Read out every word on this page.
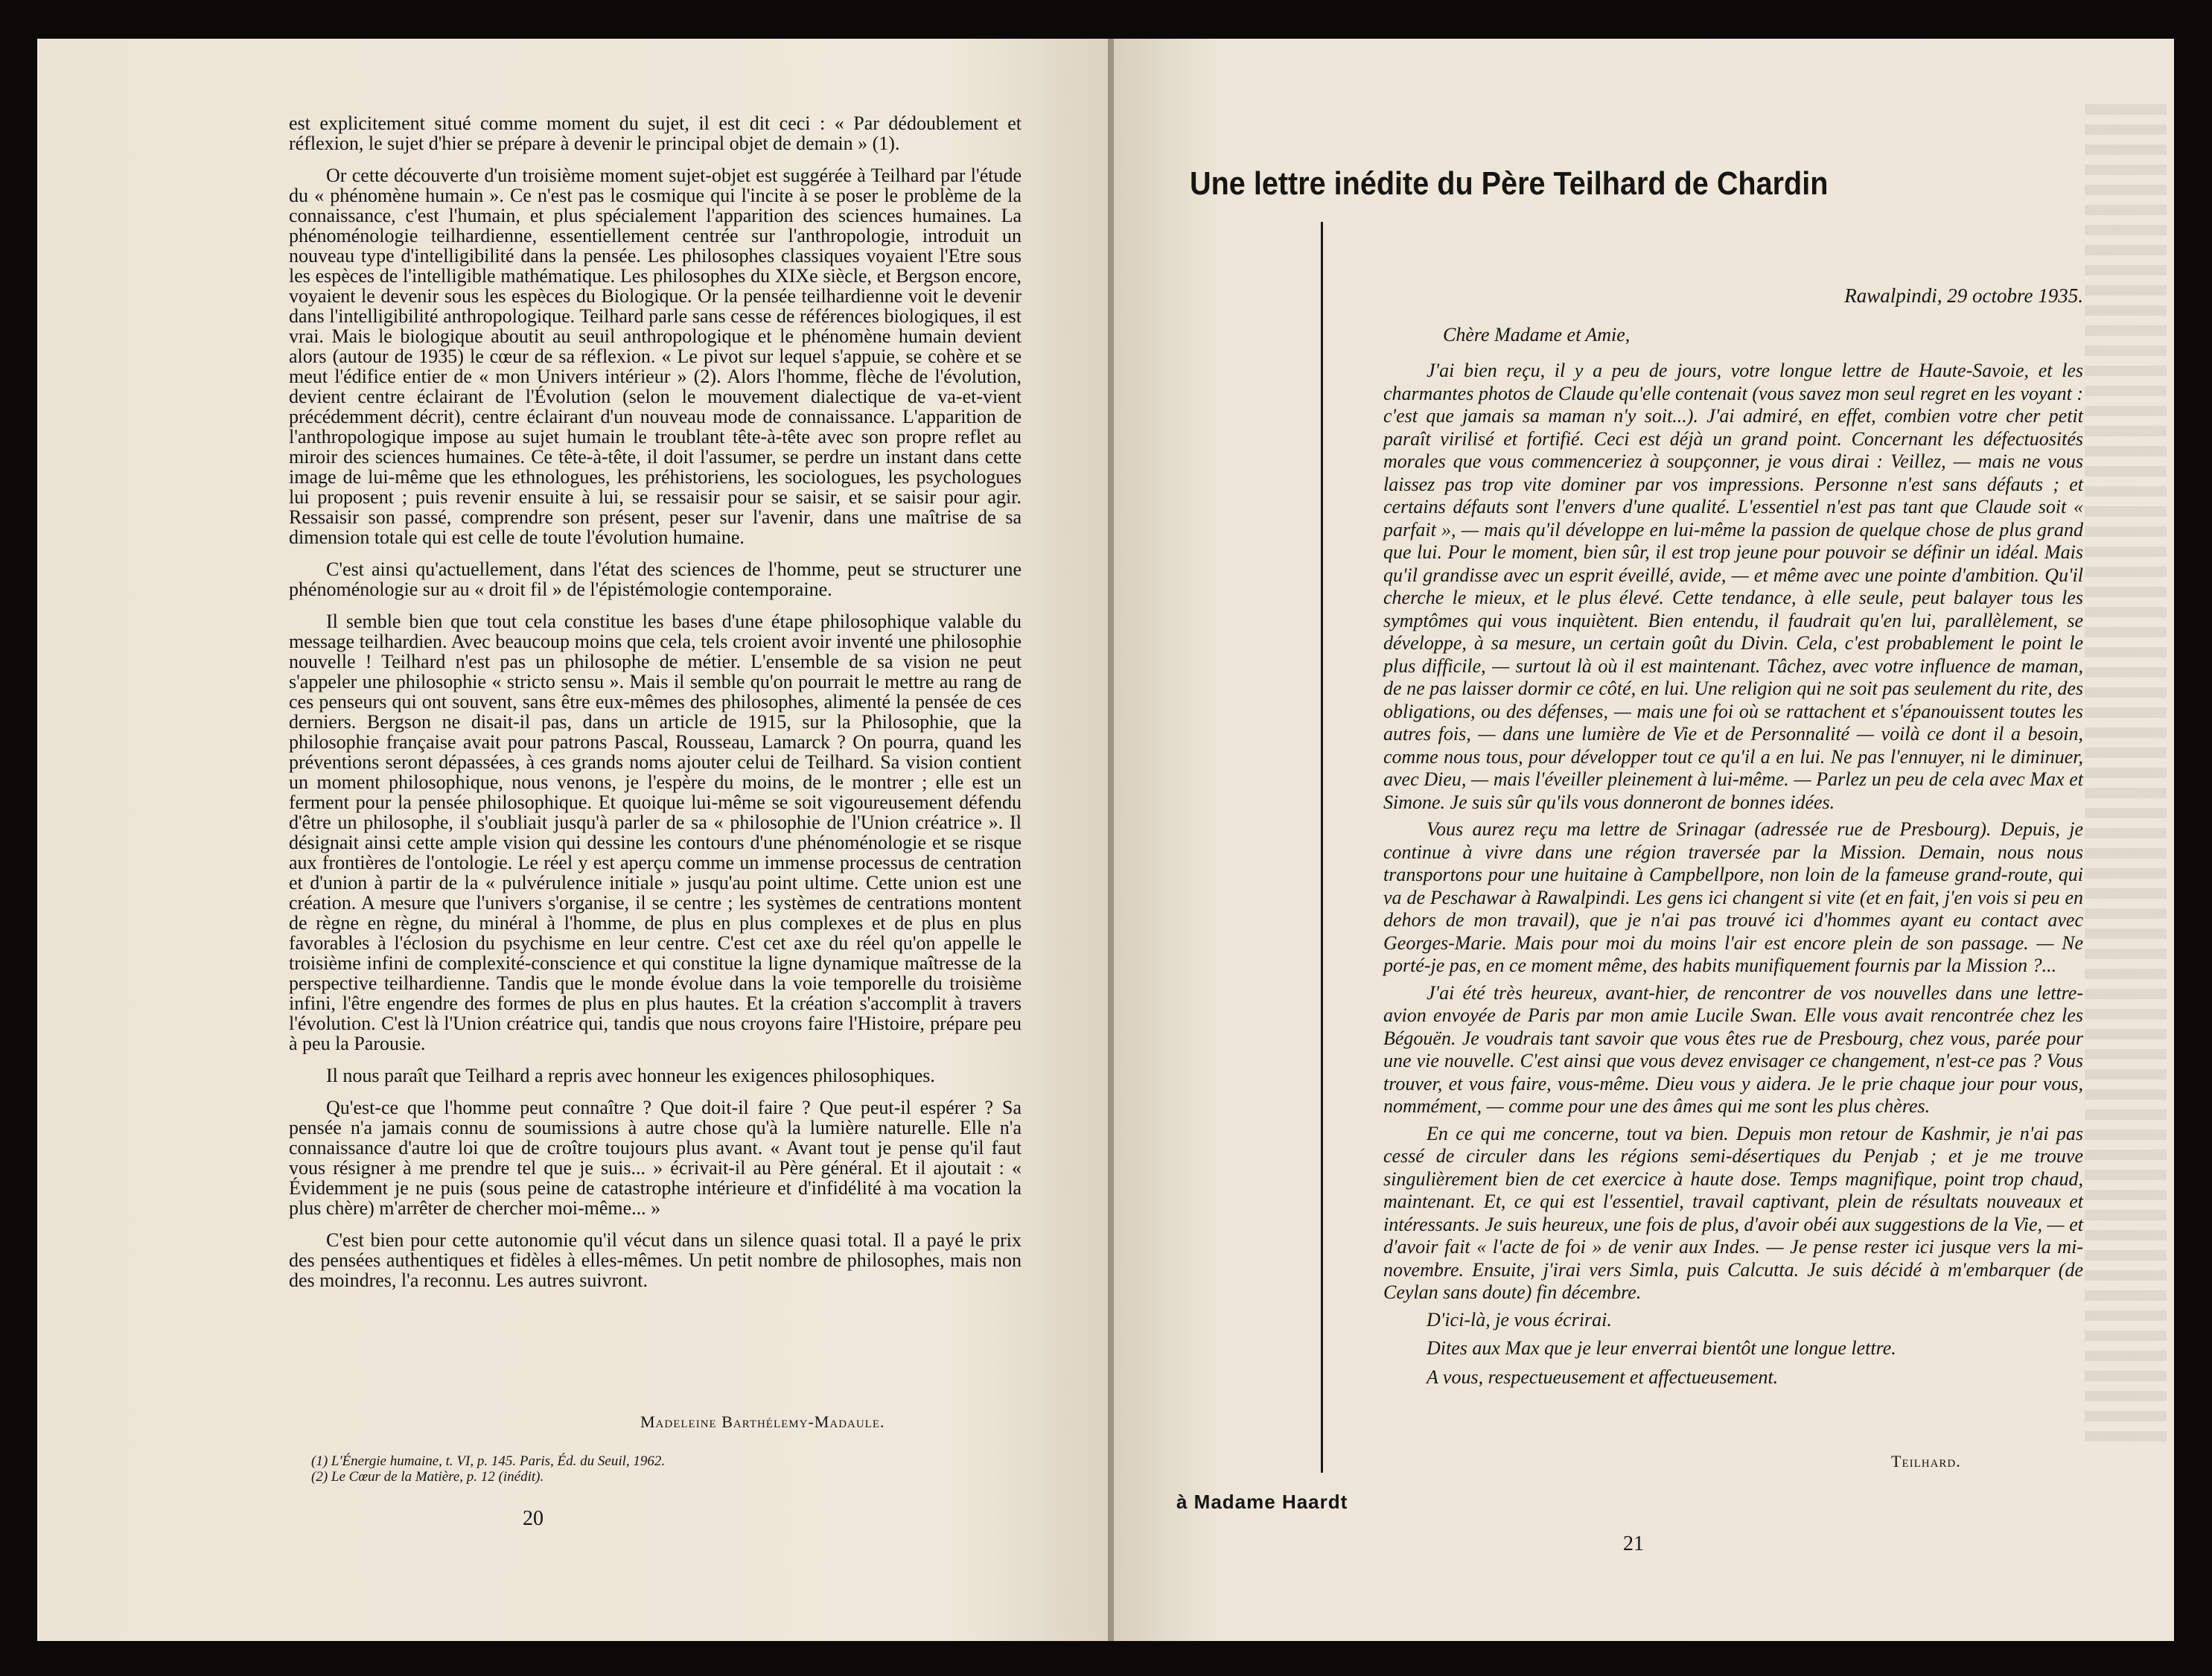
est explicitement situé comme moment du sujet, il est dit ceci : « Par dédoublement et réflexion, le sujet d'hier se prépare à devenir le principal objet de demain » (1).

Or cette découverte d'un troisième moment sujet-objet est suggérée à Teilhard par l'étude du « phénomène humain ». Ce n'est pas le cosmique qui l'incite à se poser le problème de la connaissance, c'est l'humain, et plus spécialement l'apparition des sciences humaines. La phénoménologie teilhardienne, essentiellement centrée sur l'anthropologie, introduit un nouveau type d'intelligibilité dans la pensée. Les philosophes classiques voyaient l'Etre sous les espèces de l'intelligible mathématique. Les philosophes du XIXe siècle, et Bergson encore, voyaient le devenir sous les espèces du Biologique. Or la pensée teilhardienne voit le devenir dans l'intelligibilité anthropologique. Teilhard parle sans cesse de références biologiques, il est vrai. Mais le biologique aboutit au seuil anthropologique et le phénomène humain devient alors (autour de 1935) le cœur de sa réflexion. « Le pivot sur lequel s'appuie, se cohère et se meut l'édifice entier de « mon Univers intérieur » (2). Alors l'homme, flèche de l'évolution, devient centre éclairant de l'Évolution (selon le mouvement dialectique de va-et-vient précédemment décrit), centre éclairant d'un nouveau mode de connaissance. L'apparition de l'anthropologique impose au sujet humain le troublant tête-à-tête avec son propre reflet au miroir des sciences humaines. Ce tête-à-tête, il doit l'assumer, se perdre un instant dans cette image de lui-même que les ethnologues, les préhistoriens, les sociologues, les psychologues lui proposent ; puis revenir ensuite à lui, se ressaisir pour se saisir, et se saisir pour agir. Ressaisir son passé, comprendre son présent, peser sur l'avenir, dans une maîtrise de sa dimension totale qui est celle de toute l'évolution humaine.

C'est ainsi qu'actuellement, dans l'état des sciences de l'homme, peut se structurer une phénoménologie sur au « droit fil » de l'épistémologie contemporaine.

Il semble bien que tout cela constitue les bases d'une étape philosophique valable du message teilhardien. Avec beaucoup moins que cela, tels croient avoir inventé une philosophie nouvelle ! Teilhard n'est pas un philosophe de métier. L'ensemble de sa vision ne peut s'appeler une philosophie « stricto sensu ». Mais il semble qu'on pourrait le mettre au rang de ces penseurs qui ont souvent, sans être eux-mêmes des philosophes, alimenté la pensée de ces derniers. Bergson ne disait-il pas, dans un article de 1915, sur la Philosophie, que la philosophie française avait pour patrons Pascal, Rousseau, Lamarck ? On pourra, quand les préventions seront dépassées, à ces grands noms ajouter celui de Teilhard. Sa vision contient un moment philosophique, nous venons, je l'espère du moins, de le montrer ; elle est un ferment pour la pensée philosophique. Et quoique lui-même se soit vigoureusement défendu d'être un philosophe, il s'oubliait jusqu'à parler de sa « philosophie de l'Union créatrice ». Il désignait ainsi cette ample vision qui dessine les contours d'une phénoménologie et se risque aux frontières de l'ontologie. Le réel y est aperçu comme un immense processus de centration et d'union à partir de la « pulvérulence initiale » jusqu'au point ultime. Cette union est une création. A mesure que l'univers s'organise, il se centre ; les systèmes de centrations montent de règne en règne, du minéral à l'homme, de plus en plus complexes et de plus en plus favorables à l'éclosion du psychisme en leur centre. C'est cet axe du réel qu'on appelle le troisième infini de complexité-conscience et qui constitue la ligne dynamique maîtresse de la perspective teilhardienne. Tandis que le monde évolue dans la voie temporelle du troisième infini, l'être engendre des formes de plus en plus hautes. Et la création s'accomplit à travers l'évolution. C'est là l'Union créatrice qui, tandis que nous croyons faire l'Histoire, prépare peu à peu la Parousie.

Il nous paraît que Teilhard a repris avec honneur les exigences philosophiques.

Qu'est-ce que l'homme peut connaître ? Que doit-il faire ? Que peut-il espérer ? Sa pensée n'a jamais connu de soumissions à autre chose qu'à la lumière naturelle. Elle n'a connaissance d'autre loi que de croître toujours plus avant. « Avant tout je pense qu'il faut vous résigner à me prendre tel que je suis... » écrivait-il au Père général. Et il ajoutait : « Évidemment je ne puis (sous peine de catastrophe intérieure et d'infidélité à ma vocation la plus chère) m'arrêter de chercher moi-même... »

C'est bien pour cette autonomie qu'il vécut dans un silence quasi total. Il a payé le prix des pensées authentiques et fidèles à elles-mêmes. Un petit nombre de philosophes, mais non des moindres, l'a reconnu. Les autres suivront.

Madeleine Barthélemy-Madaule.
(1) L'Énergie humaine, t. VI, p. 145. Paris, Éd. du Seuil, 1962.
(2) Le Cœur de la Matière, p. 12 (inédit).
20
Une lettre inédite du Père Teilhard de Chardin

Rawalpindi, 29 octobre 1935.

Chère Madame et Amie,

J'ai bien reçu, il y a peu de jours, votre longue lettre de Haute-Savoie, et les charmantes photos de Claude qu'elle contenait (vous savez mon seul regret en les voyant : c'est que jamais sa maman n'y soit...). J'ai admiré, en effet, combien votre cher petit paraît virilisé et fortifié. Ceci est déjà un grand point. Concernant les défectuosités morales que vous commenceriez à soupçonner, je vous dirai : Veillez, — mais ne vous laissez pas trop vite dominer par vos impressions. Personne n'est sans défauts ; et certains défauts sont l'envers d'une qualité. L'essentiel n'est pas tant que Claude soit « parfait », — mais qu'il développe en lui-même la passion de quelque chose de plus grand que lui. Pour le moment, bien sûr, il est trop jeune pour pouvoir se définir un idéal. Mais qu'il grandisse avec un esprit éveillé, avide, — et même avec une pointe d'ambition. Qu'il cherche le mieux, et le plus élevé. Cette tendance, à elle seule, peut balayer tous les symptômes qui vous inquiètent. Bien entendu, il faudrait qu'en lui, parallèlement, se développe, à sa mesure, un certain goût du Divin. Cela, c'est probablement le point le plus difficile, — surtout là où il est maintenant. Tâchez, avec votre influence de maman, de ne pas laisser dormir ce côté, en lui. Une religion qui ne soit pas seulement du rite, des obligations, ou des défenses, — mais une foi où se rattachent et s'épanouissent toutes les autres fois, — dans une lumière de Vie et de Personnalité — voilà ce dont il a besoin, comme nous tous, pour développer tout ce qu'il a en lui. Ne pas l'ennuyer, ni le diminuer, avec Dieu, — mais l'éveiller pleinement à lui-même. — Parlez un peu de cela avec Max et Simone. Je suis sûr qu'ils vous donneront de bonnes idées.

Vous aurez reçu ma lettre de Srinagar (adressée rue de Presbourg). Depuis, je continue à vivre dans une région traversée par la Mission. Demain, nous nous transportons pour une huitaine à Campbellpore, non loin de la fameuse grand-route, qui va de Peschawar à Rawalpindi. Les gens ici changent si vite (et en fait, j'en vois si peu en dehors de mon travail), que je n'ai pas trouvé ici d'hommes ayant eu contact avec Georges-Marie. Mais pour moi du moins l'air est encore plein de son passage. — Ne porté-je pas, en ce moment même, des habits munifiquement fournis par la Mission ?...

J'ai été très heureux, avant-hier, de rencontrer de vos nouvelles dans une lettre-avion envoyée de Paris par mon amie Lucile Swan. Elle vous avait rencontrée chez les Bégouën. Je voudrais tant savoir que vous êtes rue de Presbourg, chez vous, parée pour une vie nouvelle. C'est ainsi que vous devez envisager ce changement, n'est-ce pas ? Vous trouver, et vous faire, vous-même. Dieu vous y aidera. Je le prie chaque jour pour vous, nommément, — comme pour une des âmes qui me sont les plus chères.

En ce qui me concerne, tout va bien. Depuis mon retour de Kashmir, je n'ai pas cessé de circuler dans les régions semi-désertiques du Penjab ; et je me trouve singulièrement bien de cet exercice à haute dose. Temps magnifique, point trop chaud, maintenant. Et, ce qui est l'essentiel, travail captivant, plein de résultats nouveaux et intéressants. Je suis heureux, une fois de plus, d'avoir obéi aux suggestions de la Vie, — et d'avoir fait « l'acte de foi » de venir aux Indes. — Je pense rester ici jusque vers la mi-novembre. Ensuite, j'irai vers Simla, puis Calcutta. Je suis décidé à m'embarquer (de Ceylan sans doute) fin décembre.

D'ici-là, je vous écrirai.

Dites aux Max que je leur enverrai bientôt une longue lettre.

A vous, respectueusement et affectueusement.

Teilhard.
à Madame Haardt
21
